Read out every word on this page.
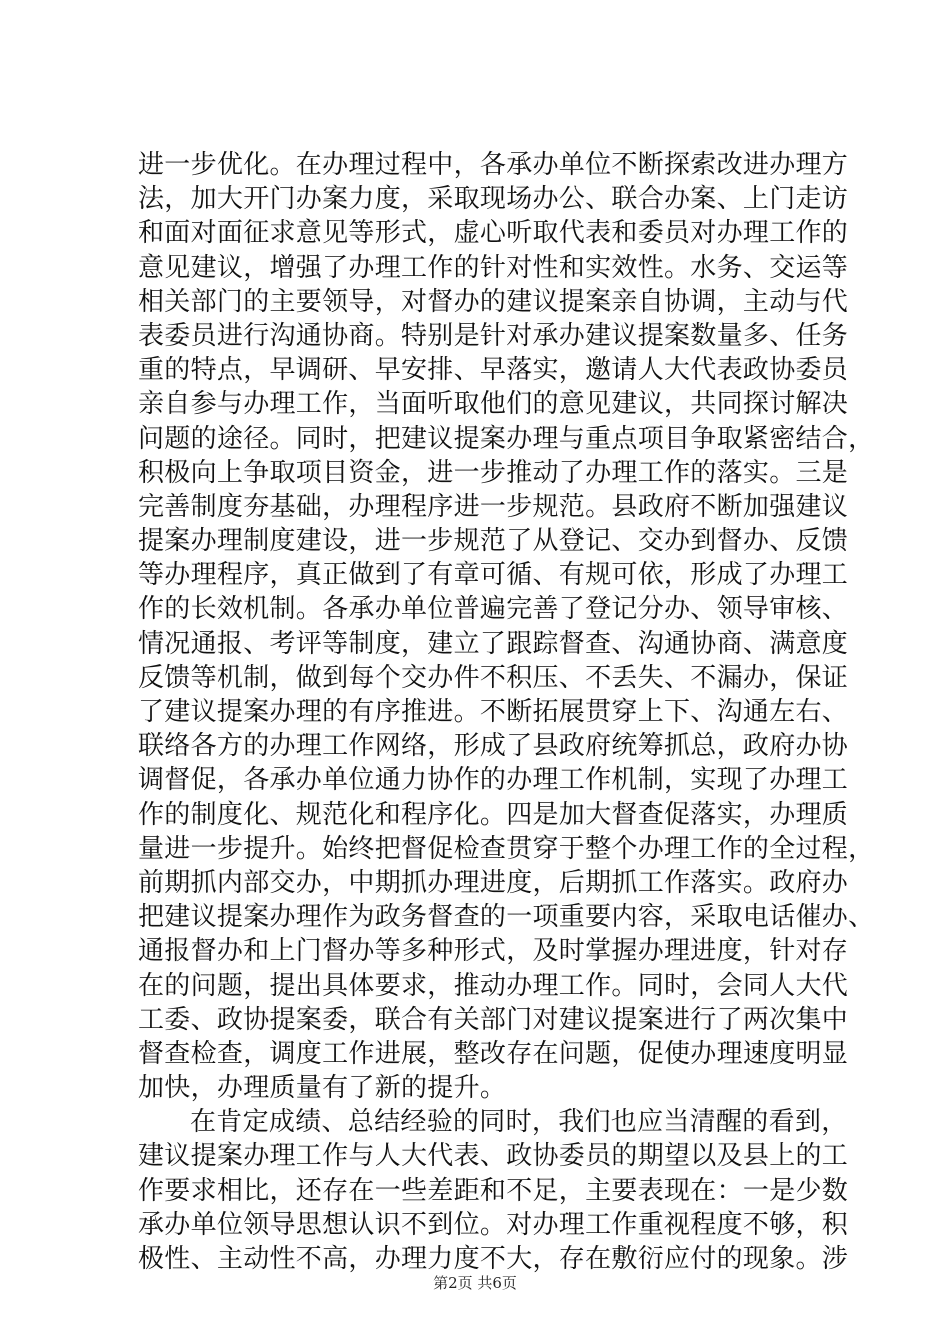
进一步优化。在办理过程中，各承办单位不断探索改进办理方
法，加大开门办案力度，采取现场办公、联合办案、上门走访
和面对面征求意见等形式，虚心听取代表和委员对办理工作的
意见建议，增强了办理工作的针对性和实效性。水务、交运等
相关部门的主要领导，对督办的建议提案亲自协调，主动与代
表委员进行沟通协商。特别是针对承办建议提案数量多、任务
重的特点，早调研、早安排、早落实，邀请人大代表政协委员
亲自参与办理工作，当面听取他们的意见建议，共同探讨解决
问题的途径。同时，把建议提案办理与重点项目争取紧密结合，
积极向上争取项目资金，进一步推动了办理工作的落实。三是
完善制度夯基础，办理程序进一步规范。县政府不断加强建议
提案办理制度建设，进一步规范了从登记、交办到督办、反馈
等办理程序，真正做到了有章可循、有规可依，形成了办理工
作的长效机制。各承办单位普遍完善了登记分办、领导审核、
情况通报、考评等制度，建立了跟踪督查、沟通协商、满意度
反馈等机制，做到每个交办件不积压、不丢失、不漏办，保证
了建议提案办理的有序推进。不断拓展贯穿上下、沟通左右、
联络各方的办理工作网络，形成了县政府统筹抓总，政府办协
调督促，各承办单位通力协作的办理工作机制，实现了办理工
作的制度化、规范化和程序化。四是加大督查促落实，办理质
量进一步提升。始终把督促检查贯穿于整个办理工作的全过程，
前期抓内部交办，中期抓办理进度，后期抓工作落实。政府办
把建议提案办理作为政务督查的一项重要内容，采取电话催办、
通报督办和上门督办等多种形式，及时掌握办理进度，针对存
在的问题，提出具体要求，推动办理工作。同时，会同人大代
工委、政协提案委，联合有关部门对建议提案进行了两次集中
督查检查，调度工作进展，整改存在问题，促使办理速度明显
加快，办理质量有了新的提升。
在肯定成绩、总结经验的同时，我们也应当清醒的看到，
建议提案办理工作与人大代表、政协委员的期望以及县上的工
作要求相比，还存在一些差距和不足，主要表现在：一是少数
承办单位领导思想认识不到位。对办理工作重视程度不够，积
极性、主动性不高，办理力度不大，存在敷衍应付的现象。涉
第2页 共6页
